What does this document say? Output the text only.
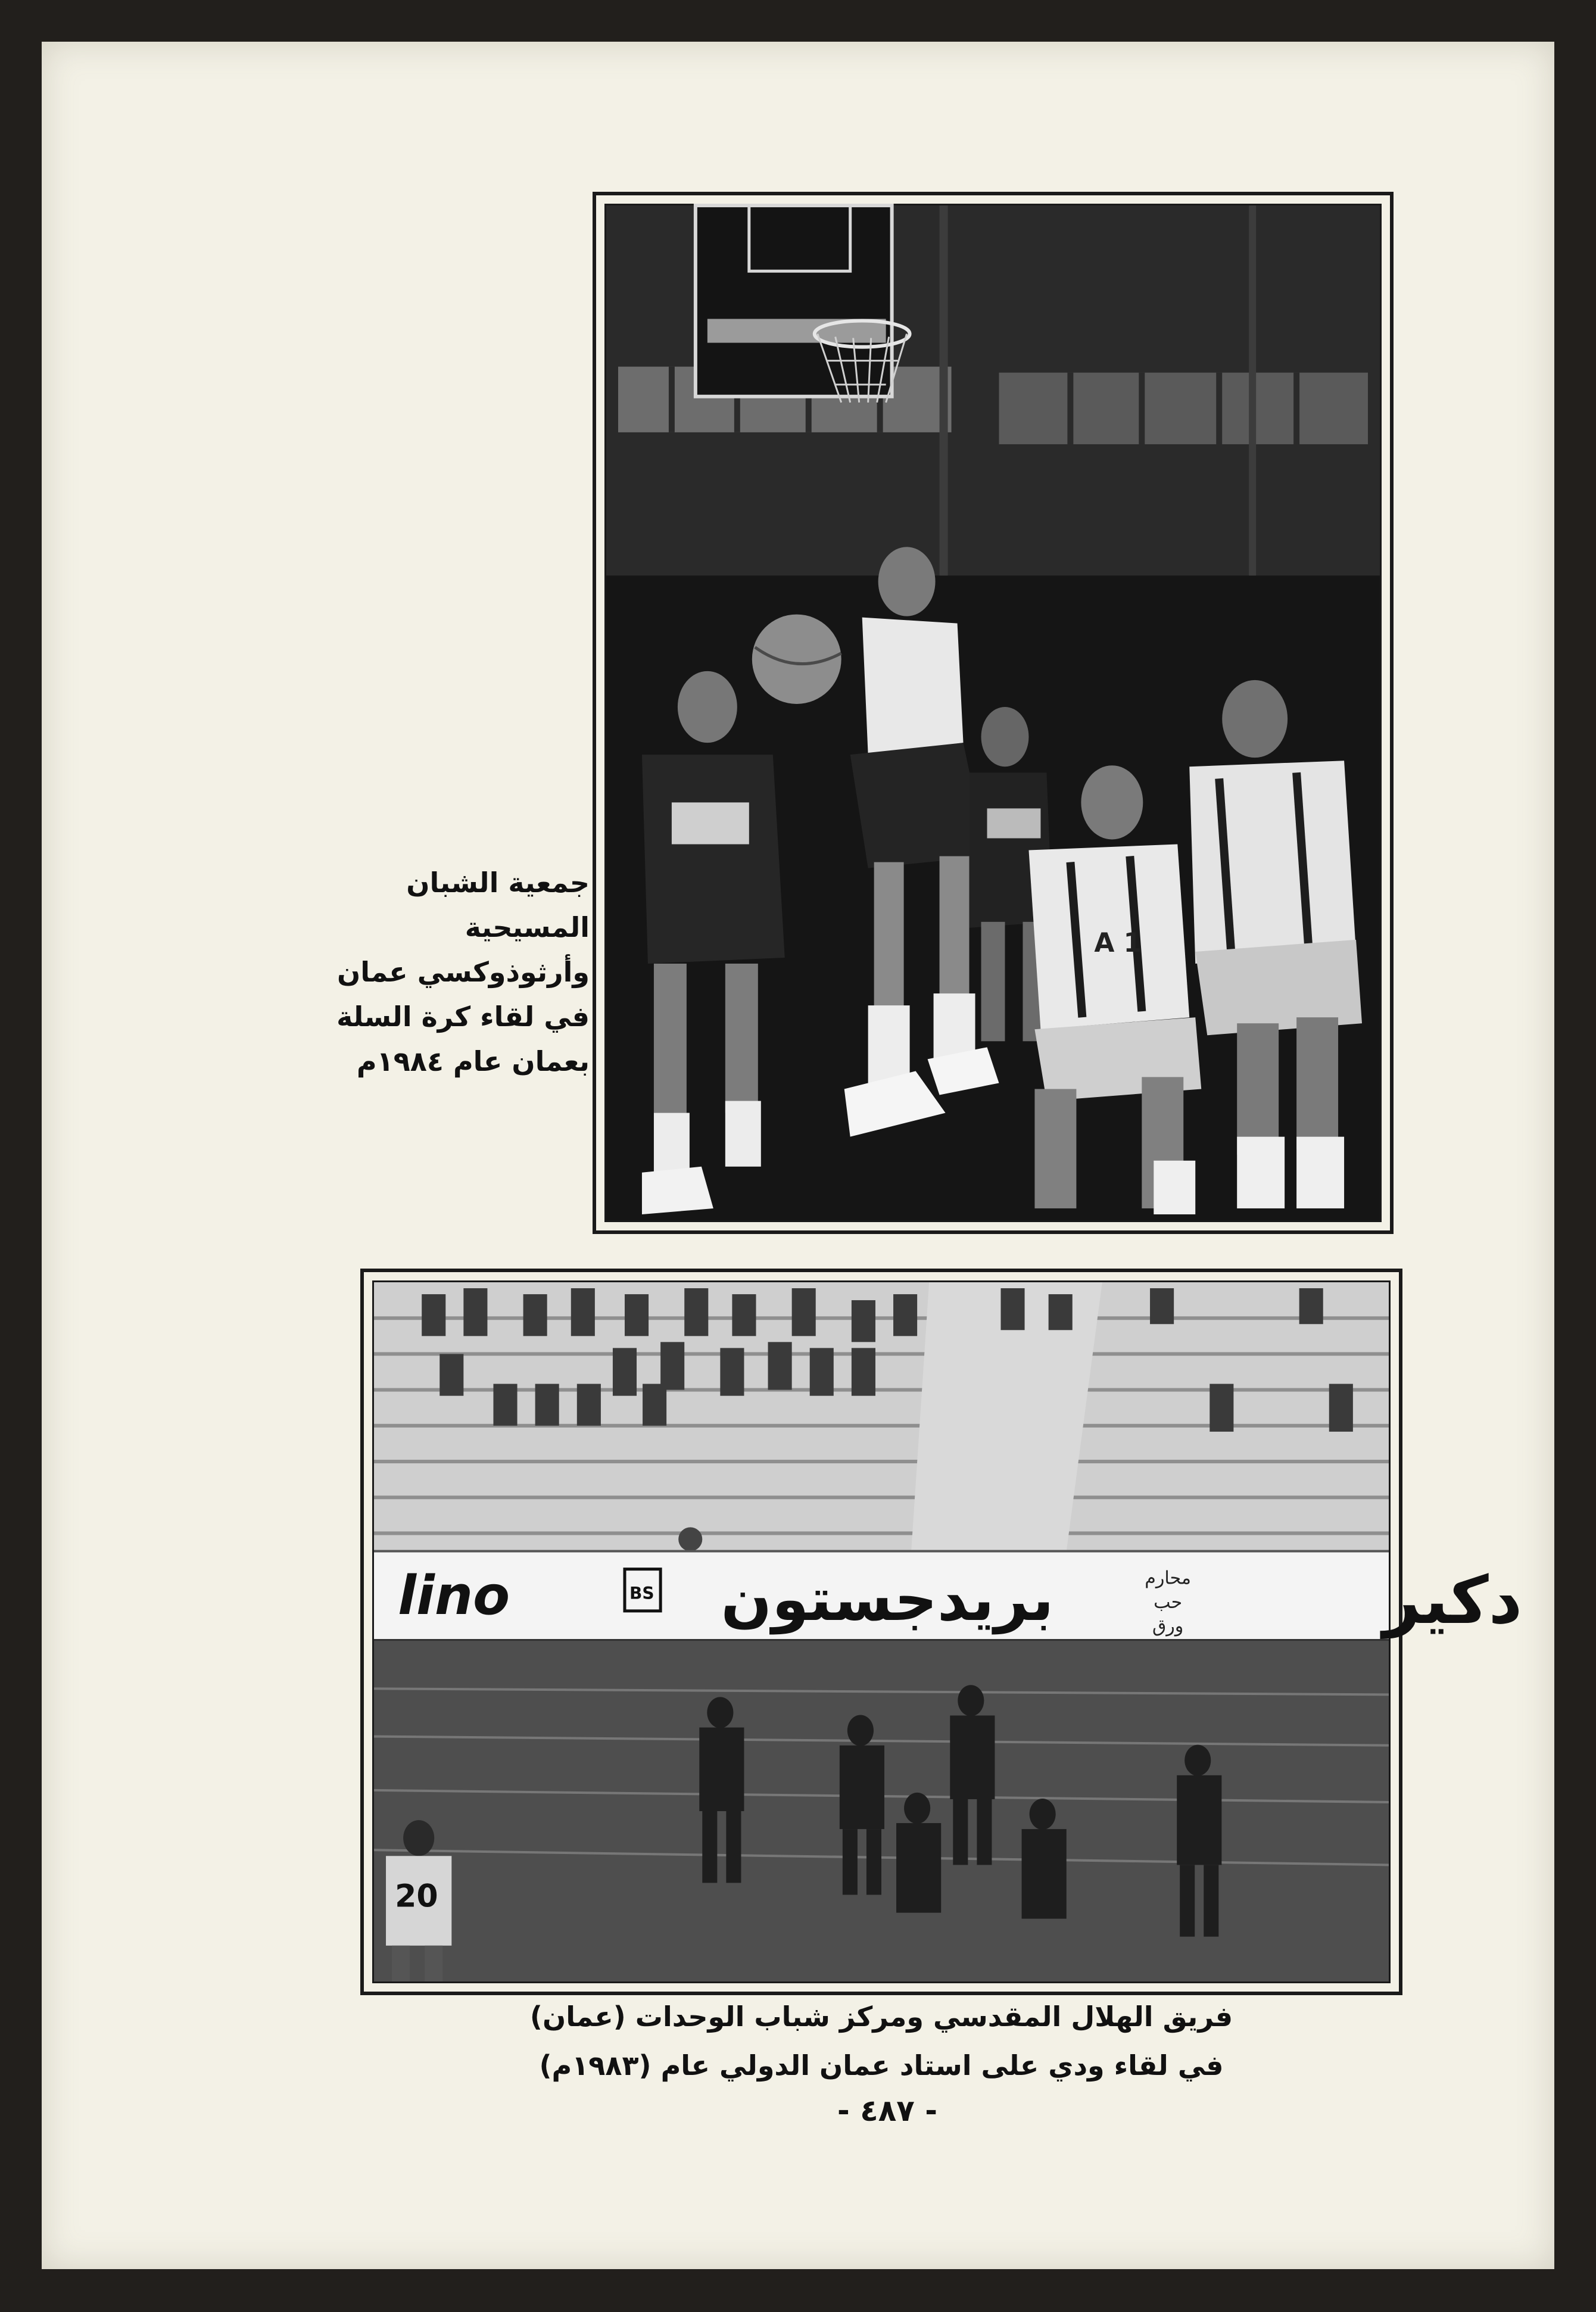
A 1
جمعية الشبان
المسيحية
وأرثوذوكسي عمان
في لقاء كرة السلة
بعمان عام ١٩٨٤م
lino	BS بريدجستون	محارم
حب
ورق	دكير
20
فريق الهلال المقدسي ومركز شباب الوحدات (عمان)
في لقاء ودي على استاد عمان الدولي عام (١٩٨٣م)
- ٤٨٧ -
